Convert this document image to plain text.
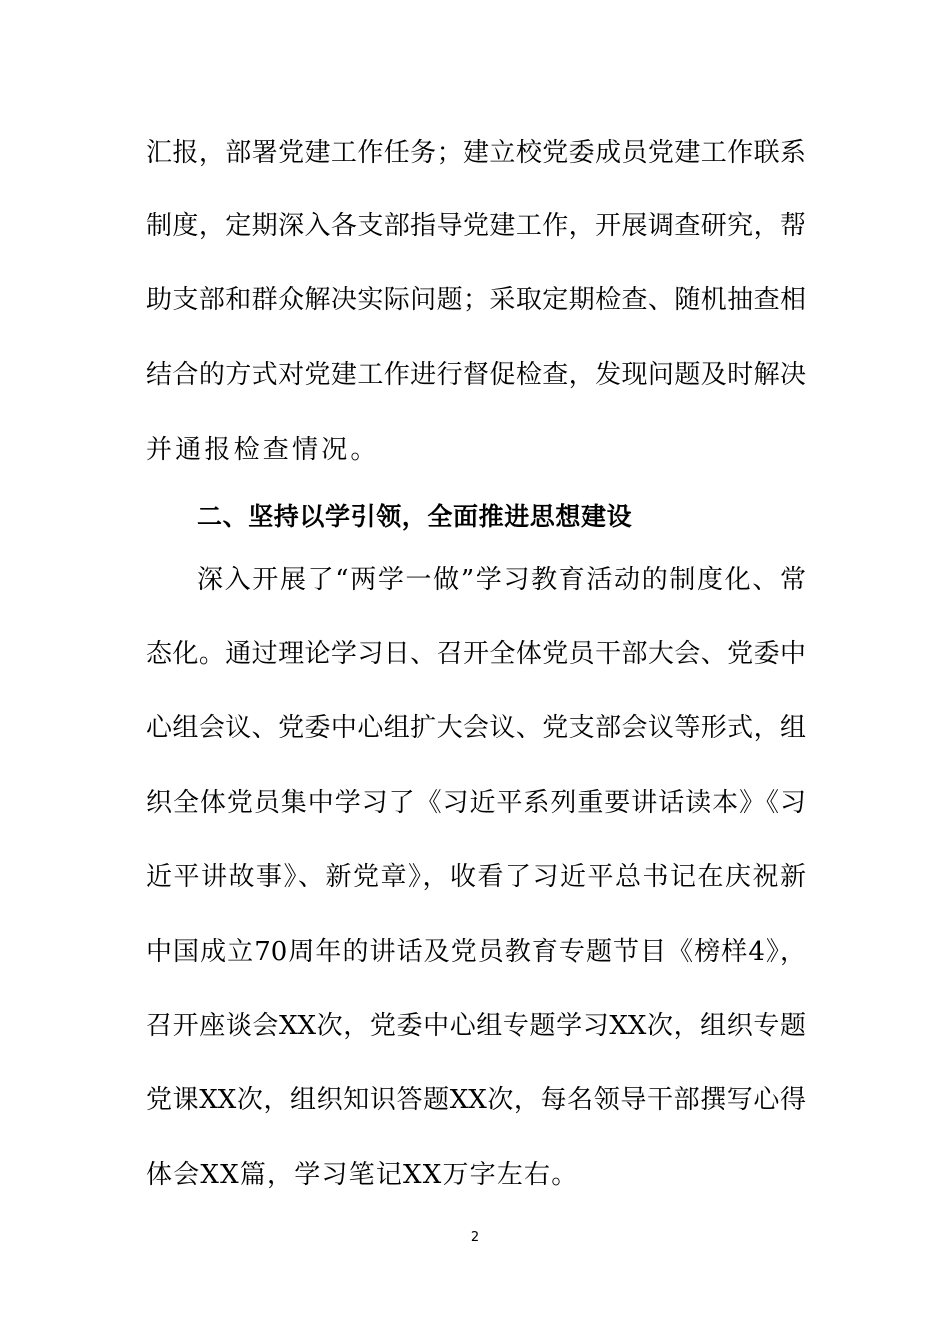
汇报，部署党建工作任务；建立校党委成员党建工作联系
制度，定期深入各支部指导党建工作，开展调查研究，帮
助支部和群众解决实际问题；采取定期检查、随机抽查相
结合的方式对党建工作进行督促检查，发现问题及时解决
并通报检查情况。
二、坚持以学引领，全面推进思想建设
深入开展了“两学一做”学习教育活动的制度化、常
态化。通过理论学习日、召开全体党员干部大会、党委中
心组会议、党委中心组扩大会议、党支部会议等形式，组
织全体党员集中学习了《习近平系列重要讲话读本》《习
近平讲故事》、新党章》，收看了习近平总书记在庆祝新
中国成立70周年的讲话及党员教育专题节目《榜样4》，
召开座谈会XX次，党委中心组专题学习XX次，组织专题
党课XX次，组织知识答题XX次，每名领导干部撰写心得
体会XX篇，学习笔记XX万字左右。
2
